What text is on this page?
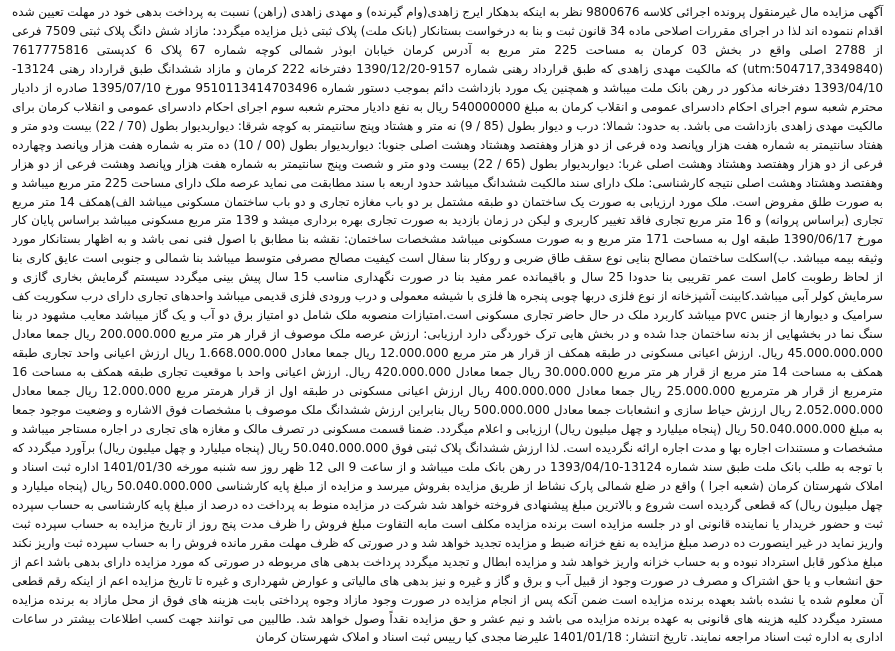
آگهی مزایده مال غیرمنقول پرونده اجرائی کلاسه 9800676 نظر به اینکه بدهکار ایرج زاهدی(وام گیرنده) و مهدی زاهدی (راهن) نسبت به پرداخت بدهی خود در مهلت تعیین شده اقدام ننموده اند لذا در اجرای مقررات اصلاحی ماده 34 قانون ثبت و بنا به درخواست بستانکار (بانک ملت) پلاک ثبتی ذیل مزایده میگردد: مازاد شش دانگ پلاک ثبتی 7509 فرعی از 2788 اصلی واقع در بخش 03 کرمان به مساحت 225 متر مربع به آدرس کرمان خیابان ابوذر شمالی کوچه شماره 67 پلاک 6 کدپستی 7617775816 (utm:504717,3349840) که مالکیت مهدی زاهدی که طبق قرارداد رهنی شماره 9157-1390/12/20 دفترخانه 222 کرمان و مازاد ششدانگ طبق قرارداد رهنی 13124-1393/04/10 دفترخانه مذکور در رهن بانک ملت میباشد و همچنین یک مورد بازداشت دائم بموجب دستور شماره 9510113414703496 مورخ 1395/07/10 صادره از دادیار محترم شعبه سوم اجرای احکام دادسرای عمومی و انقلاب کرمان به مبلغ 540000000 ریال به نفع دادیار محترم شعبه سوم اجرای احکام دادسرای عمومی و انقلاب کرمان برای مالکیت مهدی زاهدی بازداشت می باشد. به حدود: شمالا: درب و دیوار بطول (85 / 9) نه متر و هشتاد وپنج سانتیمتر به کوچه شرقا: دیواربدیوار بطول (70 / 22) بیست ودو متر و هفتاد سانتیمتر به شماره هفت هزار وپانصد وده فرعی از دو هزار وهفتصد وهشتاد وهشت اصلی جنوبا: دیواربدیوار بطول (00 / 10) ده متر به شماره هفت هزار وپانصد وچهارده فرعی از دو هزار وهفتصد وهشتاد وهشت اصلی غربا: دیواربدیوار بطول (65 / 22) بیست ودو متر و شصت وپنج سانتیمتر به شماره هفت هزار وپانصد وهشت فرعی از دو هزار وهفتصد وهشتاد وهشت اصلی نتیجه کارشناسی: ملک دارای سند مالکیت ششدانگ میباشد حدود اربعه با سند مطابقت می نماید عرصه ملک دارای مساحت 225 متر مربع میباشد و به صورت طلق مفروض است. ملک مورد ارزیابی به صورت یک ساختمان دو طبقه مشتمل بر دو باب مغازه تجاری و دو باب ساختمان مسکونی میباشد الف)همکف 14 متر مربع تجاری (براساس پروانه) و 16 متر مربع تجاری فاقد تغییر کاربری و لیکن در زمان بازدید به صورت تجاری بهره برداری میشد و 139 متر مربع مسکونی میباشد براساس پایان کار مورخ 1390/06/17 طبقه اول به مساحت 171 متر مربع و به صورت مسکونی میباشد مشخصات ساختمان: نقشه بنا مطابق با اصول فنی نمی باشد و به اظهار بستانکار مورد وثیقه بیمه میباشد. ب)اسکلت ساختمان مصالح بنایی نوع سقف طاق ضربی و روکار بنا سفال است کیفیت مصالح مصرفی متوسط میباشد بنا شمالی و جنوبی است عایق کاری بنا از لحاظ رطوبت کامل است عمر تقریبی بنا حدودا 25 سال و باقیمانده عمر مفید بنا در صورت نگهداری مناسب 15 سال پیش بینی میگردد سیستم گرمایش بخاری گازی و سرمایش کولر آبی میباشد.کابینت آشپزخانه از نوع فلزی دربها چوبی پنجره ها فلزی با شیشه معمولی و درب ورودی فلزی قدیمی میباشد واحدهای تجاری دارای درب سکوریت کف سرامیک و دیوارها از جنس pvc میباشد کاربرد ملک در حال حاضر تجاری مسکونی است.امتیازات منصوبه ملک شامل دو امتیاز برق دو آب و یک گاز میباشد معایب مشهود در بنا سنگ نما در بخشهایی از بدنه ساختمان جدا شده و در بخش هایی ترک خوردگی دارد ارزیابی: ارزش عرصه ملک موصوف از قرار هر متر مربع 200.000.000 ریال جمعا معادل 45.000.000.000 ریال. ارزش اعیانی مسکونی در طبقه همکف از قرار هر متر مربع 12.000.000 ریال جمعا معادل 1.668.000.000 ریال ارزش اعیانی واحد تجاری طبقه همکف به مساحت 14 متر مربع از قرار هر متر مربع 30.000.000 ریال جمعا معادل 420.000.000 ریال. ارزش اعیانی واحد با موقعیت تجاری طبقه همکف به مساحت 16 مترمربع از قرار هر مترمربع 25.000.000 ریال جمعا معادل 400.000.000 ریال ارزش اعیانی مسکونی در طبقه اول از قرار هرمتر مربع 12.000.000 ریال جمعا معادل 2.052.000.000 ریال ارزش حیاط سازی و انشعابات جمعا معادل 500.000.000 ریال بنابراین ارزش ششدانگ ملک موصوف با مشخصات فوق الاشاره و وضعیت موجود جمعا به مبلغ 50.040.000.000 ریال (پنجاه میلیارد و چهل میلیون ریال) ارزیابی و اعلام میگردد. ضمنا قسمت مسکونی در تصرف مالک و مغازه های تجاری در اجاره مستاجر میباشد و مشخصات و مستندات اجاره بها و مدت اجاره ارائه نگردیده است. لذا ارزش ششدانگ پلاک ثبتی فوق 50.040.000.000 ریال (پنجاه میلیارد و چهل میلیون ریال) برآورد میگردد که با توجه به طلب بانک ملت طبق سند شماره 13124-1393/04/10 در رهن بانک ملت میباشد و از ساعت 9 الی 12 ظهر روز سه شنبه مورخه 1401/01/30 اداره ثبت اسناد و املاک شهرستان کرمان (شعبه اجرا ) واقع در ضلع شمالی پارک نشاط از طریق مزایده بفروش میرسد و مزایده از مبلغ پایه کارشناسی 50.040.000.000 ریال (پنجاه میلیارد و چهل میلیون ریال) که قطعی گردیده است شروع و بالاترین مبلغ پیشنهادی فروخته خواهد شد شرکت در مزایده منوط به پرداخت ده درصد از مبلغ پایه کارشناسی به حساب سپرده ثبت و حضور خریدار یا نماینده قانونی او در جلسه مزایده است برنده مزایده مکلف است مابه التفاوت مبلغ فروش را ظرف مدت پنج روز از تاریخ مزایده به حساب سپرده ثبت واریز نماید در غیر اینصورت ده درصد مبلغ مزایده به نفع خزانه ضبط و مزایده تجدید خواهد شد و در صورتی که ظرف مهلت مقرر مانده فروش را به حساب سپرده ثبت واریز نکند مبلغ مذکور قابل استرداد نبوده و به حساب خزانه واریز خواهد شد و مزایده ابطال و تجدید میگردد پرداخت بدهی های مربوطه در صورتی که مورد مزایده دارای بدهی باشد اعم از حق انشعاب و یا حق اشتراک و مصرف در صورت وجود از قبیل آب و برق و گاز و غیره و نیز بدهی های مالیاتی و عوارض شهرداری و غیره تا تاریخ مزایده اعم از اینکه رقم قطعی آن معلوم شده یا نشده باشد بعهده برنده مزایده است ضمن آنکه پس از انجام مزایده در صورت وجود مازاد وجوه پرداختی بابت هزینه های فوق از محل مازاد به برنده مزایده مسترد میگردد کلیه هزینه های قانونی به عهده برنده مزایده می باشد و نیم عشر و حق مزایده نقداً وصول خواهد شد. طالبین می توانند جهت کسب اطلاعات بیشتر در ساعات اداری به اداره ثبت اسناد مراجعه نمایند. تاریخ انتشار: 1401/01/18 علیرضا مجدی کیا رییس ثبت اسناد و املاک شهرستان کرمان
